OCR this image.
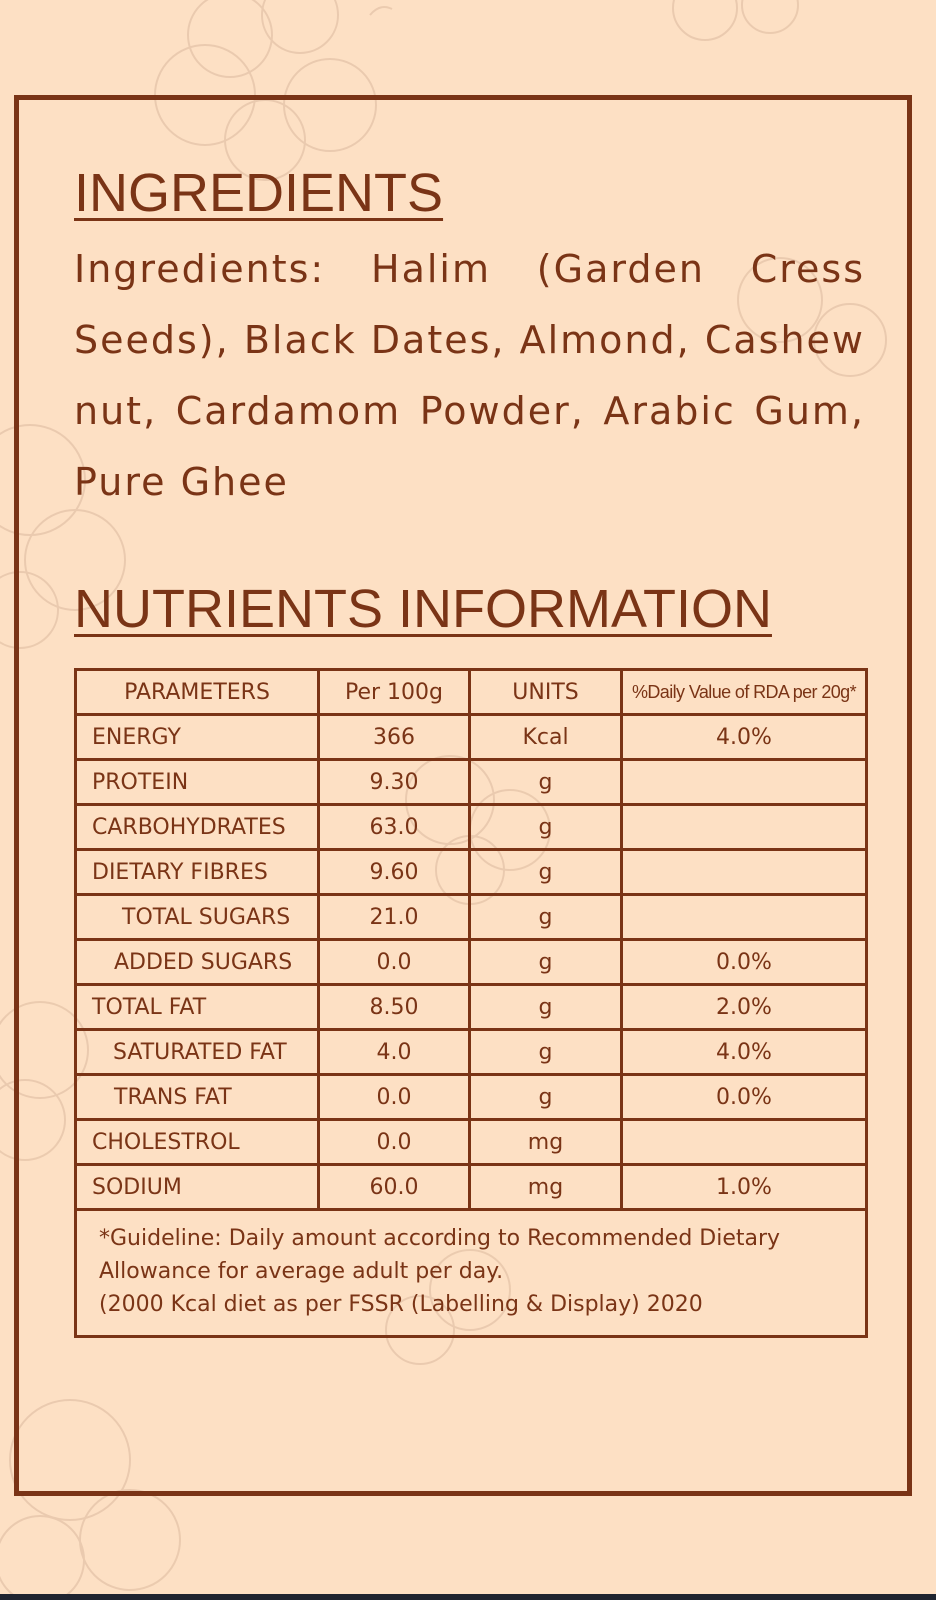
INGREDIENTS

Ingredients: Halim (Garden Cress Seeds), Black Dates, Almond, Cashew nut, Cardamom Powder, Arabic Gum, Pure Ghee

NUTRIENTS INFORMATION
PARAMETERS	Per 100g	UNITS	%Daily Value of RDA per 20g*
ENERGY	366	Kcal	4.0%
PROTEIN	9.30	g	
CARBOHYDRATES	63.0	g	
DIETARY FIBRES	9.60	g	
TOTAL SUGARS	21.0	g	
ADDED SUGARS	0.0	g	0.0%
TOTAL FAT	8.50	g	2.0%
SATURATED FAT	4.0	g	4.0%
TRANS FAT	0.0	g	0.0%
CHOLESTROL	0.0	mg	
SODIUM	60.0	mg	1.0%

*Guideline: Daily amount according to Recommended Dietary
Allowance for average adult per day.
(2000 Kcal diet as per FSSR (Labelling & Display) 2020			
